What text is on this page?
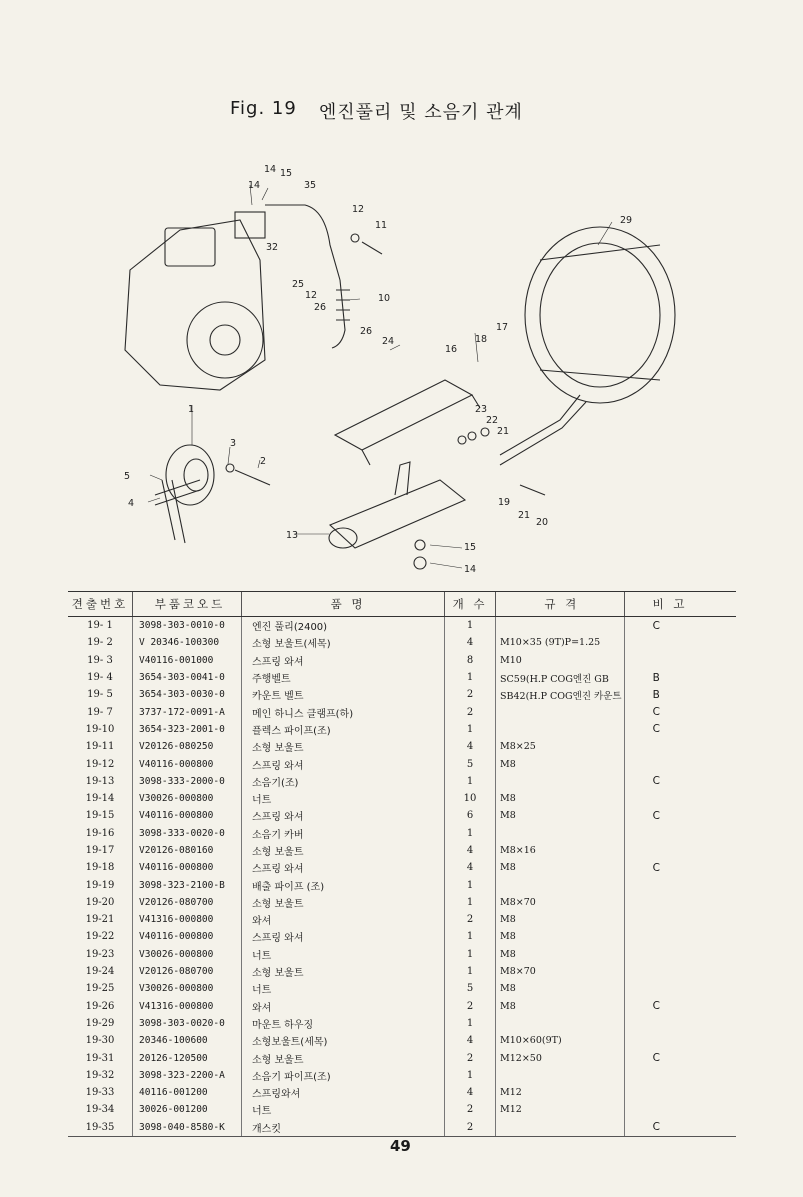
Fig. 19 엔진풀리 및 소음기 관계
14 15
14	35
32
12
11	29
25
12
26
10
26
24
16
18
17
1
3
2
5
4
23
22
21
19
21
20
13
15
14
견출번호	부품코오드	품 명	개 수	규 격	비 고
19- 1	3098-303-0010-0	엔진 풀리(2400)	1		C
19- 2	V 20346-100300	소형 보울트(세목)	4	M10×35 (9T)P=1.25	
19- 3	V40116-001000	스프링 와셔	8	M10	
19- 4	3654-303-0041-0	주행벨트	1	SC59(H.P COG엔진 GB	B
19- 5	3654-303-0030-0	카운트 벨트	2	SB42(H.P COG엔진 카운트	B
19- 7	3737-172-0091-A	메인 하니스 클램프(하)	2		C
19-10	3654-323-2001-0	플렉스 파이프(조)	1		C
19-11	V20126-080250	소형 보울트	4	M8×25	
19-12	V40116-000800	스프링 와셔	5	M8	
19-13	3098-333-2000-0	소음기(조)	1		C
19-14	V30026-000800	너트	10	M8	
19-15	V40116-000800	스프링 와셔	6	M8	C
19-16	3098-333-0020-0	소음기 카버	1		
19-17	V20126-080160	소형 보울트	4	M8×16	
19-18	V40116-000800	스프링 와셔	4	M8	C
19-19	3098-323-2100-B	배출 파이프 (조)	1		
19-20	V20126-080700	소형 보울트	1	M8×70	
19-21	V41316-000800	와셔	2	M8	
19-22	V40116-000800	스프링 와셔	1	M8	
19-23	V30026-000800	너트	1	M8	
19-24	V20126-080700	소형 보울트	1	M8×70	
19-25	V30026-000800	너트	5	M8	
19-26	V41316-000800	와셔	2	M8	C
19-29	3098-303-0020-0	마운트 하우징	1		
19-30	20346-100600	소형보울트(세목)	4	M10×60(9T)	
19-31	20126-120500	소형 보울트	2	M12×50	C
19-32	3098-323-2200-A	소음기 파이프(조)	1		
19-33	40116-001200	스프링와셔	4	M12	
19-34	30026-001200	너트	2	M12	
19-35	3098-040-8580-K	개스킷	2		C
49
